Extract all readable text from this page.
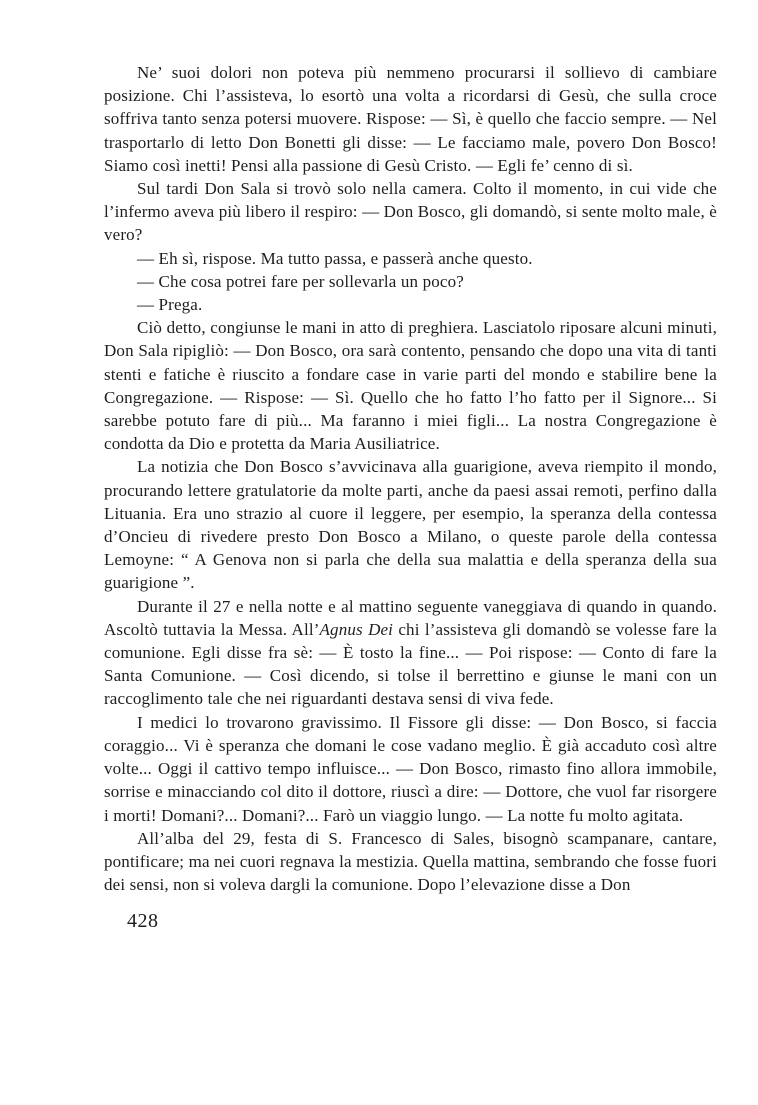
Ne’ suoi dolori non poteva più nemmeno procurarsi il sollievo di cambiare posizione. Chi l’assisteva, lo esortò una volta a ricordarsi di Gesù, che sulla croce soffriva tanto senza potersi muovere. Rispose: — Sì, è quello che faccio sempre. — Nel trasportarlo di letto Don Bonetti gli disse: — Le facciamo male, povero Don Bosco! Siamo così inetti! Pensi alla passione di Gesù Cristo. — Egli fe’ cenno di sì.

Sul tardi Don Sala si trovò solo nella camera. Colto il momento, in cui vide che l’infermo aveva più libero il respiro: — Don Bosco, gli domandò, si sente molto male, è vero?

— Eh sì, rispose. Ma tutto passa, e passerà anche questo.

— Che cosa potrei fare per sollevarla un poco?

— Prega.

Ciò detto, congiunse le mani in atto di preghiera. Lasciatolo riposare alcuni minuti, Don Sala ripigliò: — Don Bosco, ora sarà contento, pensando che dopo una vita di tanti stenti e fatiche è riuscito a fondare case in varie parti del mondo e stabilire bene la Congregazione. — Rispose: — Sì. Quello che ho fatto l’ho fatto per il Signore... Si sarebbe potuto fare di più... Ma faranno i miei figli... La nostra Congregazione è condotta da Dio e protetta da Maria Ausiliatrice.

La notizia che Don Bosco s’avvicinava alla guarigione, aveva riempito il mondo, procurando lettere gratulatorie da molte parti, anche da paesi assai remoti, perfino dalla Lituania. Era uno strazio al cuore il leggere, per esempio, la speranza della contessa d’Oncieu di rivedere presto Don Bosco a Milano, o queste parole della contessa Lemoyne: “ A Genova non si parla che della sua malattia e della speranza della sua guarigione ”.

Durante il 27 e nella notte e al mattino seguente vaneggiava di quando in quando. Ascoltò tuttavia la Messa. All’Agnus Dei chi l’assisteva gli domandò se volesse fare la comunione. Egli disse fra sè: — È tosto la fine... — Poi rispose: — Conto di fare la Santa Comunione. — Così dicendo, si tolse il berrettino e giunse le mani con un raccoglimento tale che nei riguardanti destava sensi di viva fede.

I medici lo trovarono gravissimo. Il Fissore gli disse: — Don Bosco, si faccia coraggio... Vi è speranza che domani le cose vadano meglio. È già accaduto così altre volte... Oggi il cattivo tempo influisce... — Don Bosco, rimasto fino allora immobile, sorrise e minacciando col dito il dottore, riuscì a dire: — Dottore, che vuol far risorgere i morti! Domani?... Domani?... Farò un viaggio lungo. — La notte fu molto agitata.

All’alba del 29, festa di S. Francesco di Sales, bisognò scampanare, cantare, pontificare; ma nei cuori regnava la mestizia. Quella mattina, sembrando che fosse fuori dei sensi, non si voleva dargli la comunione. Dopo l’elevazione disse a Don

428
